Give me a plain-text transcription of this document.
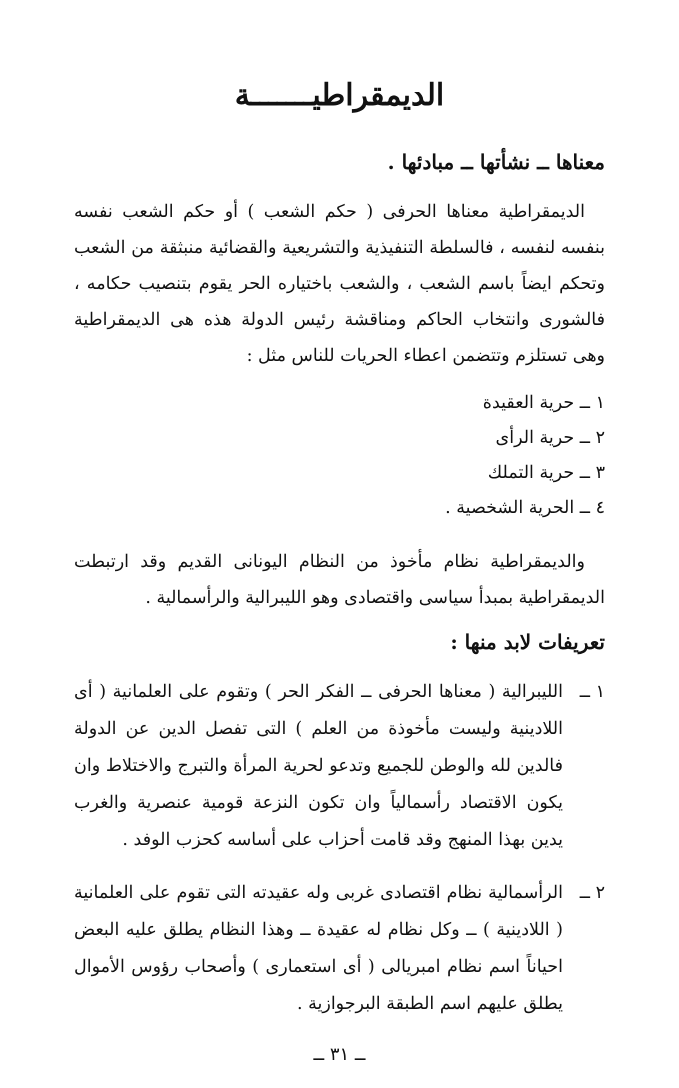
الديمقراطيـــــــة
معناها ــ نشأتها ــ مبادئها .

الديمقراطية معناها الحرفى ( حكم الشعب ) أو حكم الشعب نفسه بنفسه لنفسه ، فالسلطة التنفيذية والتشريعية والقضائية منبثقة من الشعب وتحكم ايضاً باسم الشعب ، والشعب باختياره الحر يقوم بتنصيب حكامه ، فالشورى وانتخاب الحاكم ومناقشة رئيس الدولة هذه هى الديمقراطية وهى تستلزم وتتضمن اعطاء الحريات للناس مثل :

١ ــ حرية العقيدة
٢ ــ حرية الرأى
٣ ــ حرية التملك
٤ ــ الحرية الشخصية .

والديمقراطية نظام مأخوذ من النظام اليونانى القديم وقد ارتبطت الديمقراطية بمبدأ سياسى واقتصادى وهو الليبرالية والرأسمالية .

تعريفات لابد منها :
١ ــ
الليبرالية ( معناها الحرفى ــ الفكر الحر ) وتقوم على العلمانية ( أى اللادينية وليست مأخوذة من العلم ) التى تفصل الدين عن الدولة فالدين لله والوطن للجميع وتدعو لحرية المرأة والتبرج والاختلاط وان يكون الاقتصاد رأسمالياً وان تكون النزعة قومية عنصرية والغرب يدين بهذا المنهج وقد قامت أحزاب على أساسه كحزب الوفد .
٢ ــ
الرأسمالية نظام اقتصادى غربى وله عقيدته التى تقوم على العلمانية ( اللادينية ) ــ وكل نظام له عقيدة ــ وهذا النظام يطلق عليه البعض احياناً اسم نظام امبريالى ( أى استعمارى ) وأصحاب رؤوس الأموال يطلق عليهم اسم الطبقة البرجوازية .
ــ ٣١ ــ
